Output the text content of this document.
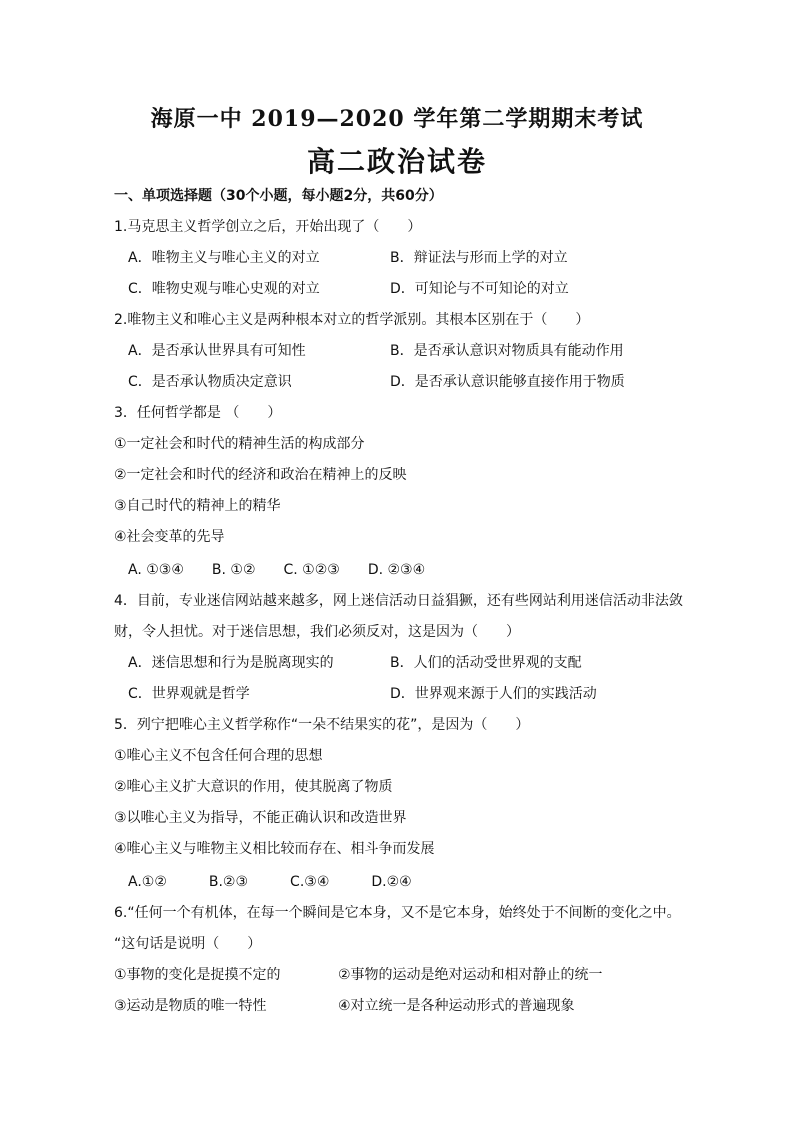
海原一中 2019—2020 学年第二学期期末考试
高二政治试卷
一、单项选择题（30个小题，每小题2分，共60分）
1.马克思主义哲学创立之后，开始出现了（　　）
A．唯物主义与唯心主义的对立	B．辩证法与形而上学的对立
C．唯物史观与唯心史观的对立	D．可知论与不可知论的对立
2.唯物主义和唯心主义是两种根本对立的哲学派别。其根本区别在于（　　）
A．是否承认世界具有可知性	B．是否承认意识对物质具有能动作用
C．是否承认物质决定意识	D．是否承认意识能够直接作用于物质
3．任何哲学都是 （　　）
①一定社会和时代的精神生活的构成部分
②一定社会和时代的经济和政治在精神上的反映
③自己时代的精神上的精华
④社会变革的先导
A. ①③④　　B. ①②　　C. ①②③　　D. ②③④
4．目前，专业迷信网站越来越多，网上迷信活动日益猖獗，还有些网站利用迷信活动非法敛
财，令人担忧。对于迷信思想，我们必须反对，这是因为（　　）
A．迷信思想和行为是脱离现实的	B．人们的活动受世界观的支配
C．世界观就是哲学	D．世界观来源于人们的实践活动
5．列宁把唯心主义哲学称作“一朵不结果实的花”，是因为（　　）
①唯心主义不包含任何合理的思想
②唯心主义扩大意识的作用，使其脱离了物质
③以唯心主义为指导，不能正确认识和改造世界
④唯心主义与唯物主义相比较而存在、相斗争而发展
A.①②　　　B.②③　　　C.③④　　　D.②④
6.“任何一个有机体，在每一个瞬间是它本身，又不是它本身，始终处于不间断的变化之中。
“这句话是说明（　　）
①事物的变化是捉摸不定的	②事物的运动是绝对运动和相对静止的统一
③运动是物质的唯一特性	④对立统一是各种运动形式的普遍现象
